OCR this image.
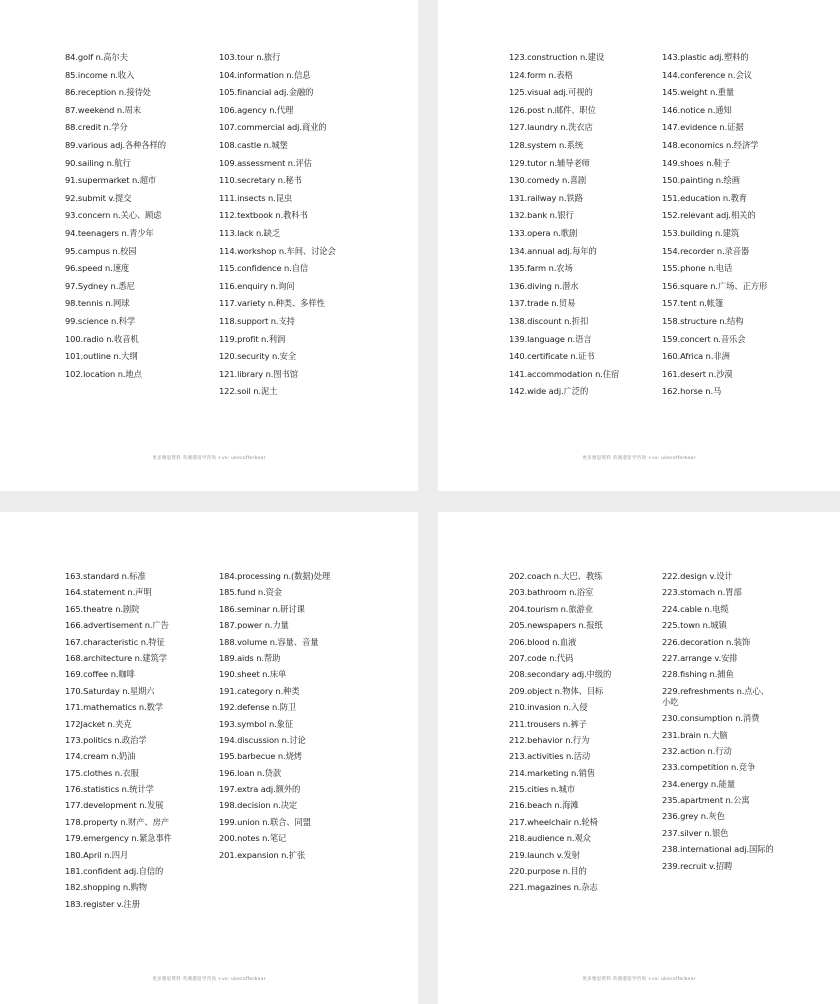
84.golf n.高尔夫
85.income n.收入
86.reception n.接待处
87.weekend n.周末
88.credit n.学分
89.various adj.各种各样的
90.sailing n.航行
91.supermarket n.超市
92.submit v.提交
93.concern n.关心、顾虑
94.teenagers n.青少年
95.campus n.校园
96.speed n.速度
97.Sydney n.悉尼
98.tennis n.网球
99.science n.科学
100.radio n.收音机
101.outline n.大纲
102.location n.地点
103.tour n.旅行
104.information n.信息
105.financial adj.金融的
106.agency n.代理
107.commercial adj.商业的
108.castle n.城堡
109.assessment n.评估
110.secretary n.秘书
111.insects n.昆虫
112.textbook n.教科书
113.lack n.缺乏
114.workshop n.车间、讨论会
115.confidence n.自信
116.enquiry n.询问
117.variety n.种类、多样性
118.support n.支持
119.profit n.利润
120.security n.安全
121.library n.图书馆
122.soil n.泥土
更多雅思资料 英澳港留学咨询 +vx: ukecofferbear
123.construction n.建设
124.form n.表格
125.visual adj.可视的
126.post n.邮件、职位
127.laundry n.洗衣店
128.system n.系统
129.tutor n.辅导老师
130.comedy n.喜剧
131.railway n.铁路
132.bank n.银行
133.opera n.歌剧
134.annual adj.每年的
135.farm n.农场
136.diving n.潜水
137.trade n.贸易
138.discount n.折扣
139.language n.语言
140.certificate n.证书
141.accommodation n.住宿
142.wide adj.广泛的
143.plastic adj.塑料的
144.conference n.会议
145.weight n.重量
146.notice n.通知
147.evidence n.证据
148.economics n.经济学
149.shoes n.鞋子
150.painting n.绘画
151.education n.教育
152.relevant adj.相关的
153.building n.建筑
154.recorder n.录音器
155.phone n.电话
156.square n.广场、正方形
157.tent n.帐篷
158.structure n.结构
159.concert n.音乐会
160.Africa n.非洲
161.desert n.沙漠
162.horse n.马
更多雅思资料 英澳港留学咨询 +vx: ukecofferbear
163.standard n.标准
164.statement n.声明
165.theatre n.剧院
166.advertisement n.广告
167.characteristic n.特征
168.architecture n.建筑学
169.coffee n.咖啡
170.Saturday n.星期六
171.mathematics n.数学
172Jacket n.夹克
173.politics n.政治学
174.cream n.奶油
175.clothes n.衣服
176.statistics n.统计学
177.development n.发展
178.property n.财产、房产
179.emergency n.紧急事件
180.April n.四月
181.confident adj.自信的
182.shopping n.购物
183.register v.注册
184.processing n.(数据)处理
185.fund n.资金
186.seminar n.研讨课
187.power n.力量
188.volume n.容量、音量
189.aids n.帮助
190.sheet n.床单
191.category n.种类
192.defense n.防卫
193.symbol n.象征
194.discussion n.讨论
195.barbecue n.烧烤
196.loan n.贷款
197.extra adj.额外的
198.decision n.决定
199.union n.联合、同盟
200.notes n.笔记
201.expansion n.扩张
更多雅思资料 英澳港留学咨询 +vx: ukecofferbear
202.coach n.大巴、教练
203.bathroom n.浴室
204.tourism n.旅游业
205.newspapers n.报纸
206.blood n.血液
207.code n.代码
208.secondary adj.中级的
209.object n.物体、目标
210.invasion n.入侵
211.trousers n.裤子
212.behavior n.行为
213.activities n.活动
214.marketing n.销售
215.cities n.城市
216.beach n.海滩
217.wheelchair n.轮椅
218.audience n.观众
219.launch v.发射
220.purpose n.目的
221.magazines n.杂志
222.design v.设计
223.stomach n.胃部
224.cable n.电缆
225.town n.城镇
226.decoration n.装饰
227.arrange v.安排
228.fishing n.捕鱼
229.refreshments n.点心、小吃
230.consumption n.消费
231.brain n.大脑
232.action n.行动
233.competition n.竞争
234.energy n.能量
235.apartment n.公寓
236.grey n.灰色
237.silver n.银色
238.international adj.国际的
239.recruit v.招聘
更多雅思资料 英澳港留学咨询 +vx: ukecofferbear
